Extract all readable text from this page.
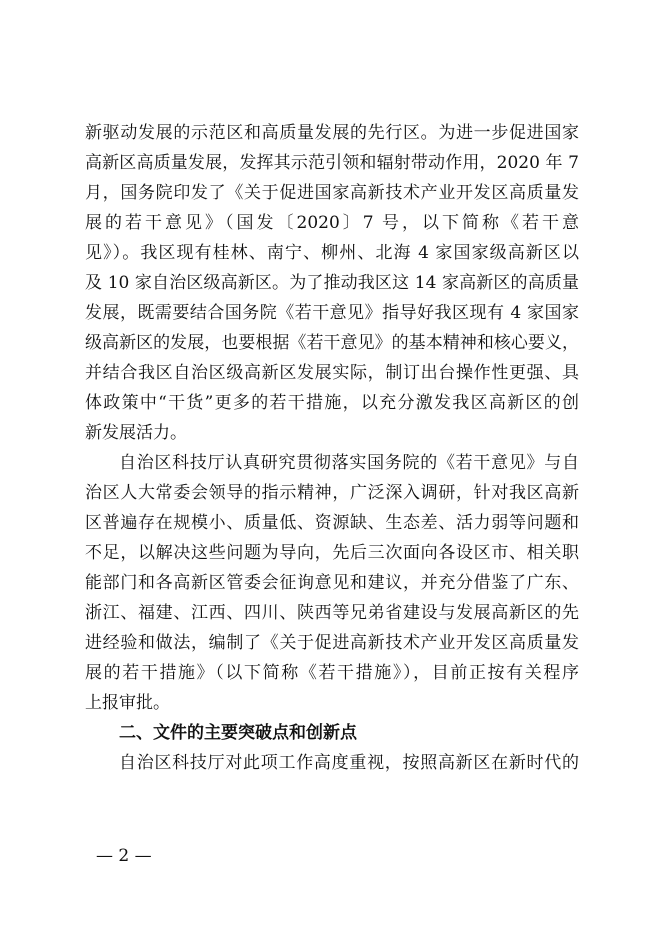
新驱动发展的示范区和高质量发展的先行区。为进一步促进国家
高新区高质量发展，发挥其示范引领和辐射带动作用，2020 年 7
月，国务院印发了《关于促进国家高新技术产业开发区高质量发
展的若干意见》（国发〔2020〕7 号，以下简称《若干意
见》）。我区现有桂林、南宁、柳州、北海 4 家国家级高新区以
及 10 家自治区级高新区。为了推动我区这 14 家高新区的高质量
发展，既需要结合国务院《若干意见》指导好我区现有 4 家国家
级高新区的发展，也要根据《若干意见》的基本精神和核心要义，
并结合我区自治区级高新区发展实际，制订出台操作性更强、具
体政策中“干货”更多的若干措施，以充分激发我区高新区的创
新发展活力。
自治区科技厅认真研究贯彻落实国务院的《若干意见》与自
治区人大常委会领导的指示精神，广泛深入调研，针对我区高新
区普遍存在规模小、质量低、资源缺、生态差、活力弱等问题和
不足，以解决这些问题为导向，先后三次面向各设区市、相关职
能部门和各高新区管委会征询意见和建议，并充分借鉴了广东、
浙江、福建、江西、四川、陕西等兄弟省建设与发展高新区的先
进经验和做法，编制了《关于促进高新技术产业开发区高质量发
展的若干措施》（以下简称《若干措施》），目前正按有关程序
上报审批。
二、文件的主要突破点和创新点
自治区科技厅对此项工作高度重视，按照高新区在新时代的
— 2 —
